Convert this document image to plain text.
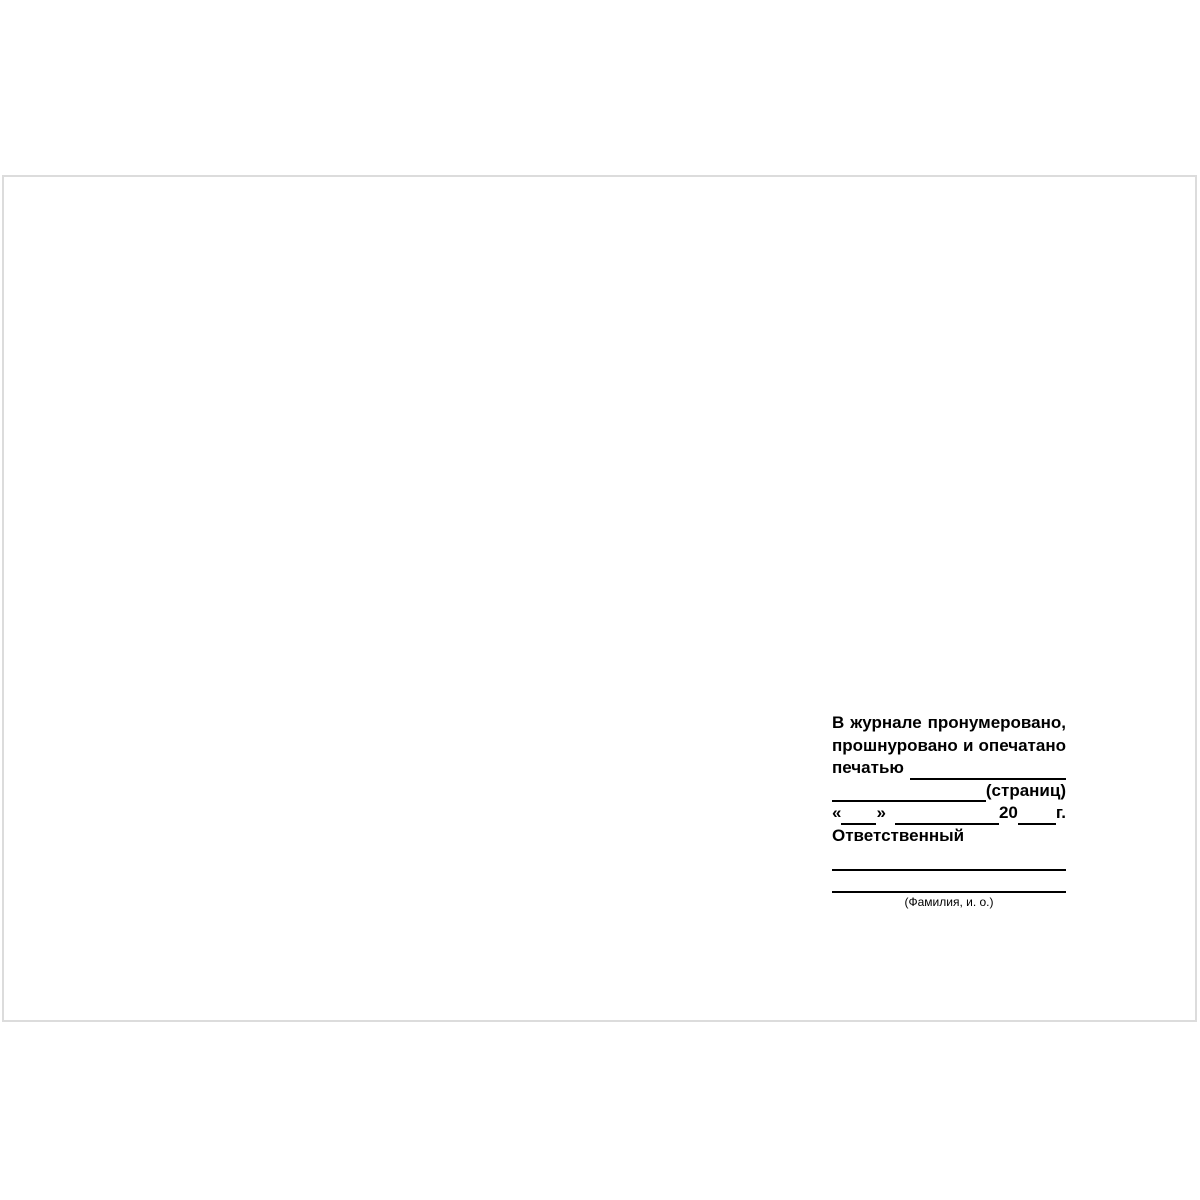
В журнале пронумеровано,
прошнуровано и опечатано
печатью
(страниц)
« »	20 г.
Ответственный
(Фамилия, и. о.)
